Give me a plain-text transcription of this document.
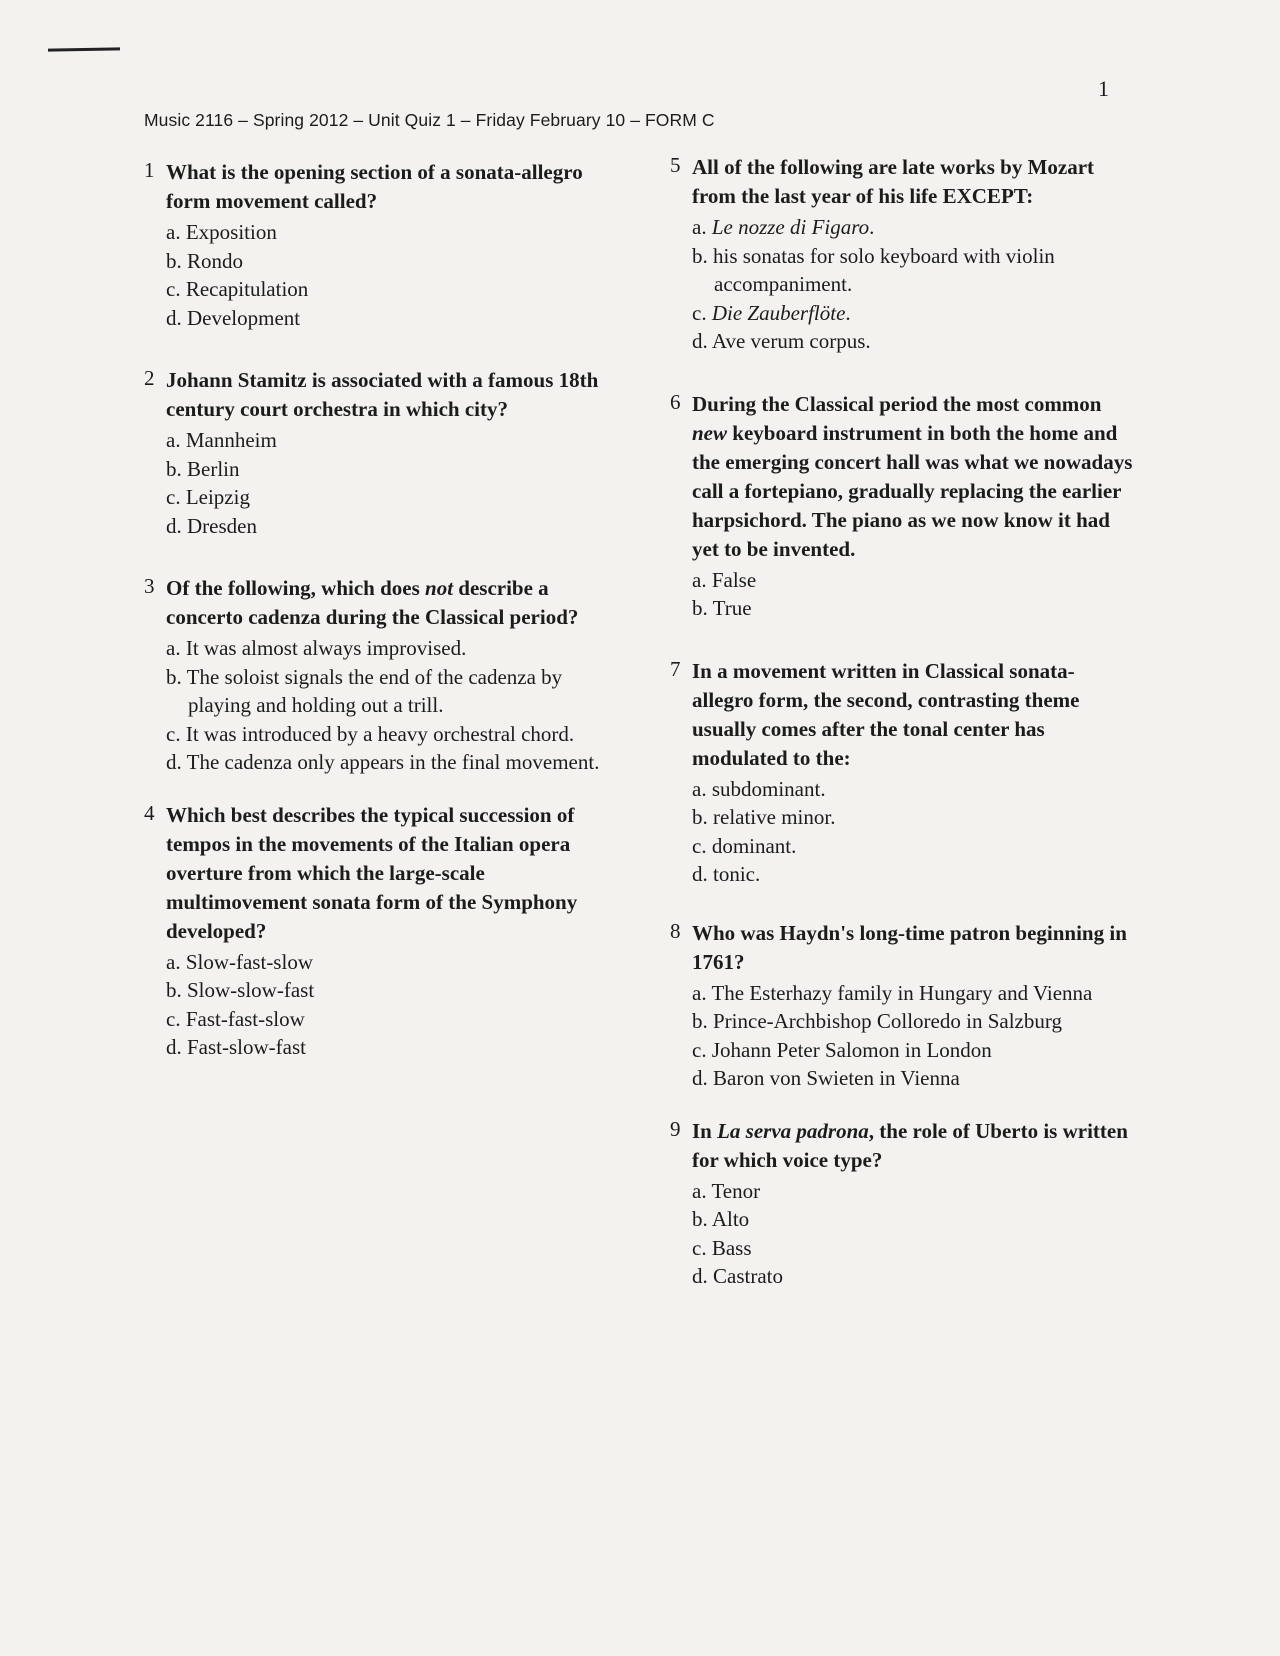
1
Music 2116 – Spring 2012 – Unit Quiz 1 – Friday February 10 – FORM C
1 What is the opening section of a sonata-allegro form movement called?
a. Exposition
b. Rondo
c. Recapitulation
d. Development
2 Johann Stamitz is associated with a famous 18th century court orchestra in which city?
a. Mannheim
b. Berlin
c. Leipzig
d. Dresden
3 Of the following, which does not describe a concerto cadenza during the Classical period?
a. It was almost always improvised.
b. The soloist signals the end of the cadenza by playing and holding out a trill.
c. It was introduced by a heavy orchestral chord.
d. The cadenza only appears in the final movement.
4 Which best describes the typical succession of tempos in the movements of the Italian opera overture from which the large-scale multimovement sonata form of the Symphony developed?
a. Slow-fast-slow
b. Slow-slow-fast
c. Fast-fast-slow
d. Fast-slow-fast
5 All of the following are late works by Mozart from the last year of his life EXCEPT:
a. Le nozze di Figaro.
b. his sonatas for solo keyboard with violin accompaniment.
c. Die Zauberflöte.
d. Ave verum corpus.
6 During the Classical period the most common new keyboard instrument in both the home and the emerging concert hall was what we nowadays call a fortepiano, gradually replacing the earlier harpsichord. The piano as we now know it had yet to be invented.
a. False
b. True
7 In a movement written in Classical sonata-allegro form, the second, contrasting theme usually comes after the tonal center has modulated to the:
a. subdominant.
b. relative minor.
c. dominant.
d. tonic.
8 Who was Haydn's long-time patron beginning in 1761?
a. The Esterhazy family in Hungary and Vienna
b. Prince-Archbishop Colloredo in Salzburg
c. Johann Peter Salomon in London
d. Baron von Swieten in Vienna
9 In La serva padrona, the role of Uberto is written for which voice type?
a. Tenor
b. Alto
c. Bass
d. Castrato
